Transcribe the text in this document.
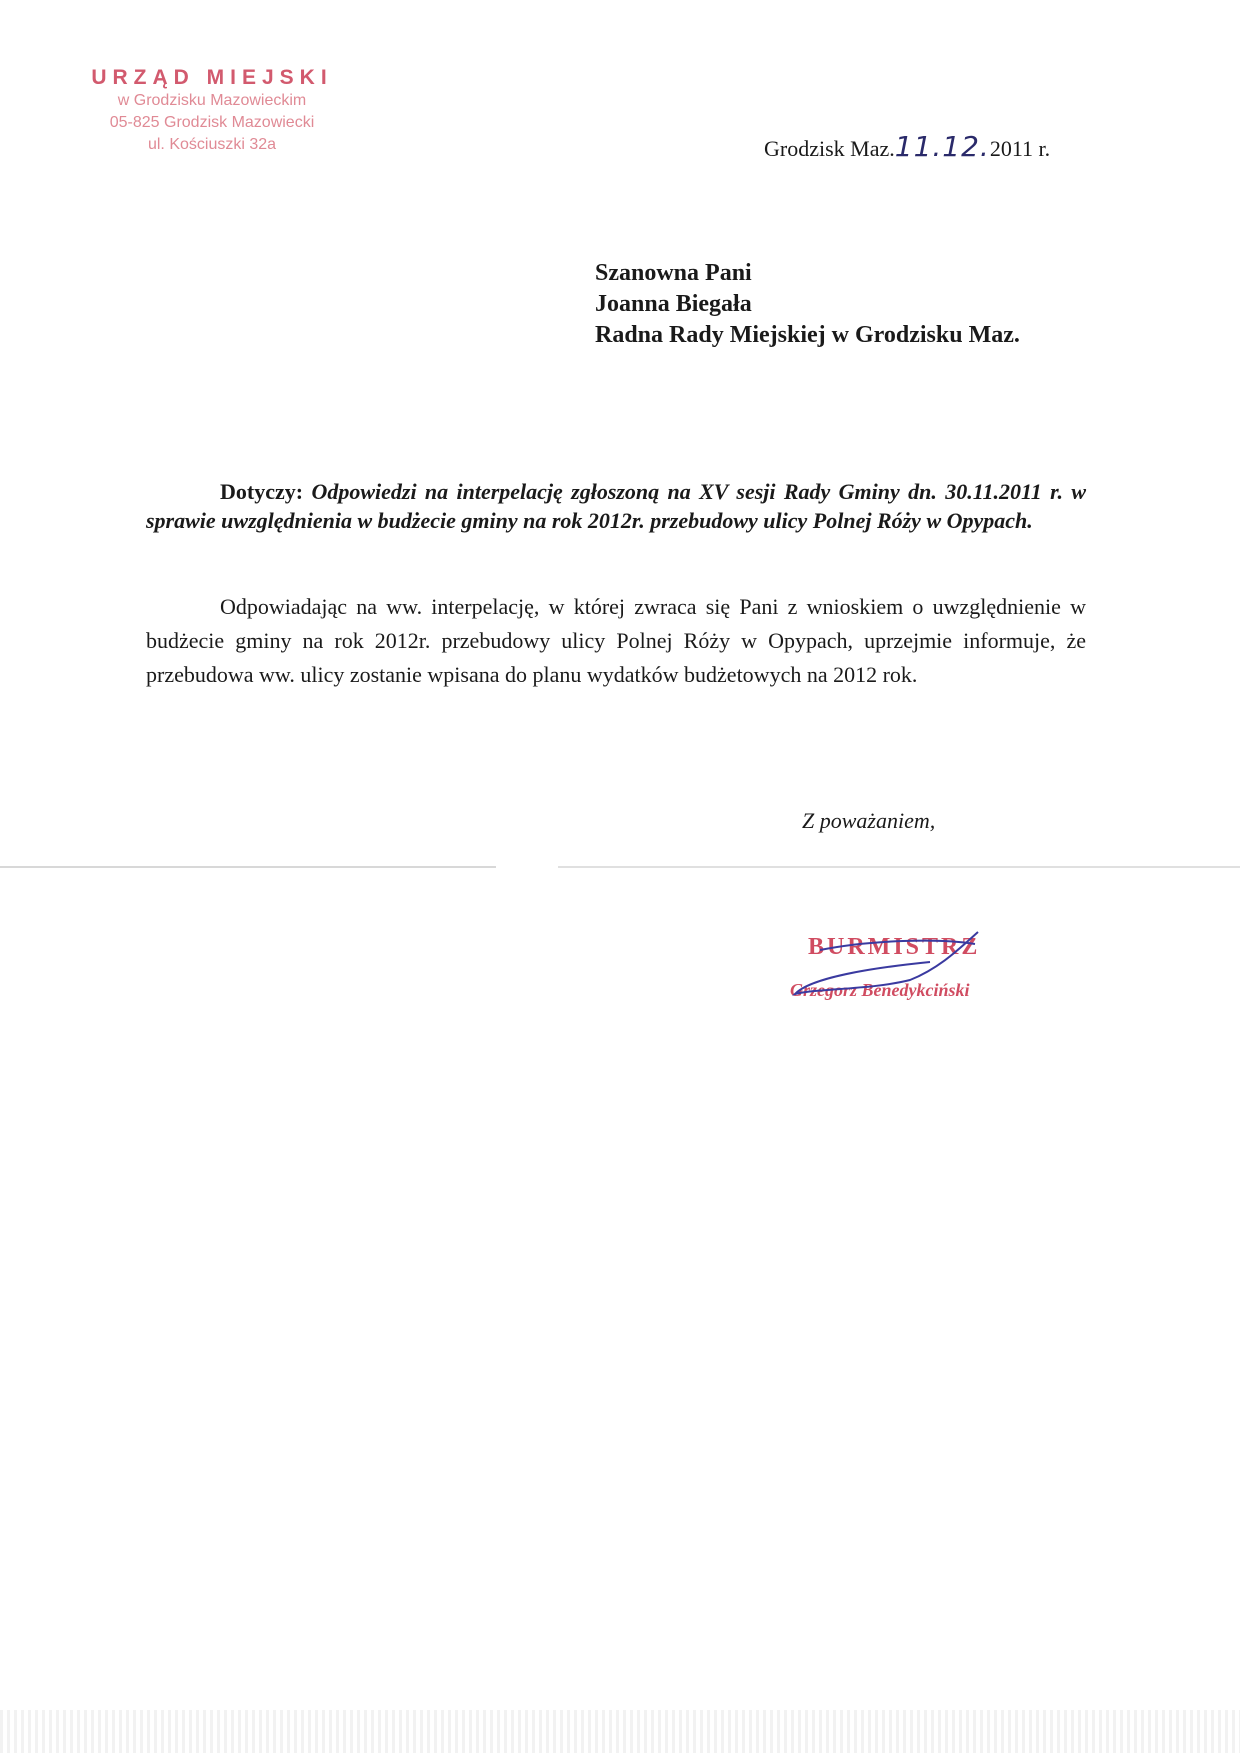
URZĄD MIEJSKI
w Grodzisku Mazowieckim
05-825 Grodzisk Mazowiecki
ul. Kościuszki 32a	Grodzisk Maz.11.12.2011 r.
Szanowna Pani
Joanna Biegała
Radna Rady Miejskiej w Grodzisku Maz.
Dotyczy: Odpowiedzi na interpelację zgłoszoną na XV sesji Rady Gminy dn. 30.11.2011 r. w sprawie uwzględnienia w budżecie gminy na rok 2012r. przebudowy ulicy Polnej Róży w Opypach.
Odpowiadając na ww. interpelację, w której zwraca się Pani z wnioskiem o uwzględnienie w budżecie gminy na rok 2012r. przebudowy ulicy Polnej Róży w Opypach, uprzejmie informuje, że przebudowa ww. ulicy zostanie wpisana do planu wydatków budżetowych na 2012 rok.
Z poważaniem,
BURMISTRZ
Grzegorz Benedykciński
